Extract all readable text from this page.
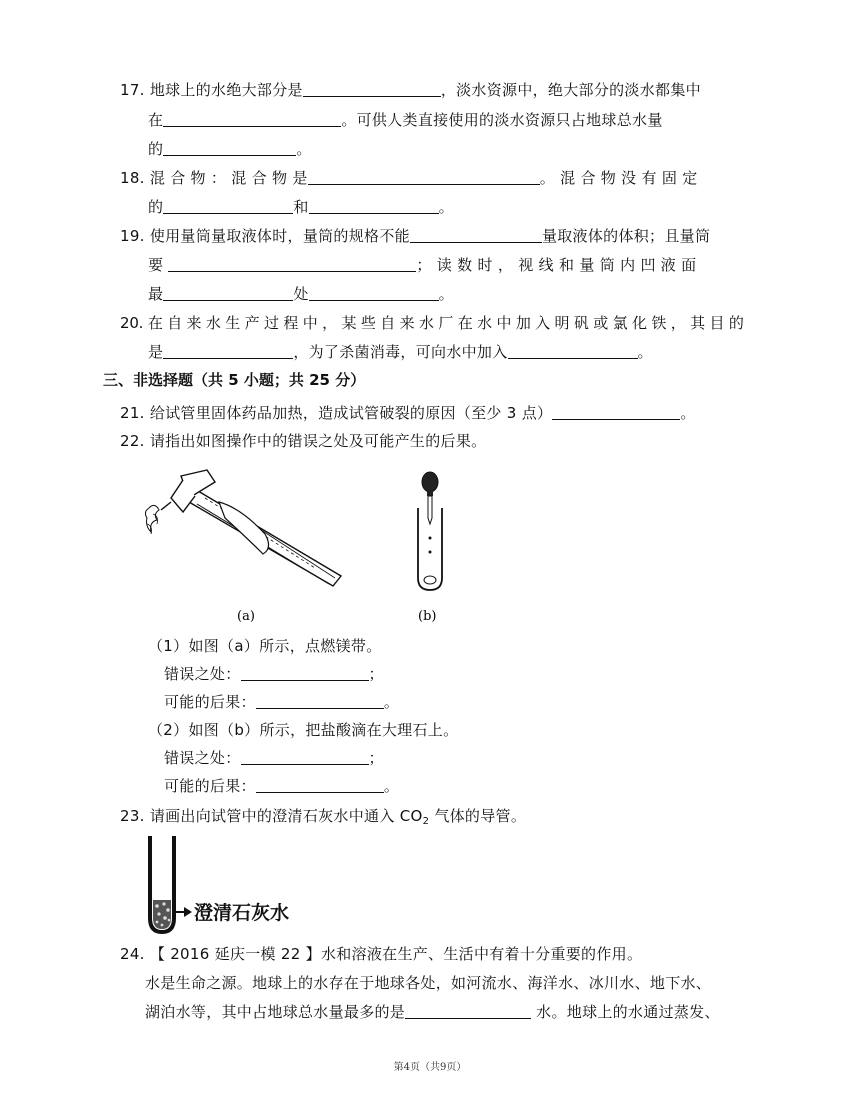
17. 地球上的水绝大部分是	，淡水资源中，绝大部分的淡水都集中
在	。可供人类直接使用的淡水资源只占地球总水量
的	。
18. 混 合 物 ： 混 合 物 是	。 混 合 物 没 有 固 定
的	和	。
19. 使用量筒量取液体时，量筒的规格不能	量取液体的体积；且量筒
要	； 读 数 时 ， 视 线 和 量 筒 内 凹 液 面
最	处	。
20. 在 自 来 水 生 产 过 程 中 ， 某 些 自 来 水 厂 在 水 中 加 入 明 矾 或 氯 化 铁 ， 其 目 的
是	，为了杀菌消毒，可向水中加入	。
三、非选择题（共 5 小题；共 25 分）
21. 给试管里固体药品加热，造成试管破裂的原因（至少 3 点）	。
22. 请指出如图操作中的错误之处及可能产生的后果。
(a)	(b)
（1）如图（a）所示，点燃镁带。
错误之处：	；
可能的后果：	。
（2）如图（b）所示，把盐酸滴在大理石上。
错误之处：	；
可能的后果：	。
23. 请画出向试管中的澄清石灰水中通入 $CO_2$ 气体的导管。
澄清石灰水
24. 【 2016 延庆一模 22 】水和溶液在生产、生活中有着十分重要的作用。
水是生命之源。地球上的水存在于地球各处，如河流水、海洋水、冰川水、地下水、
湖泊水等，其中占地球总水量最多的是	水。地球上的水通过蒸发、
第4页（共9页）
